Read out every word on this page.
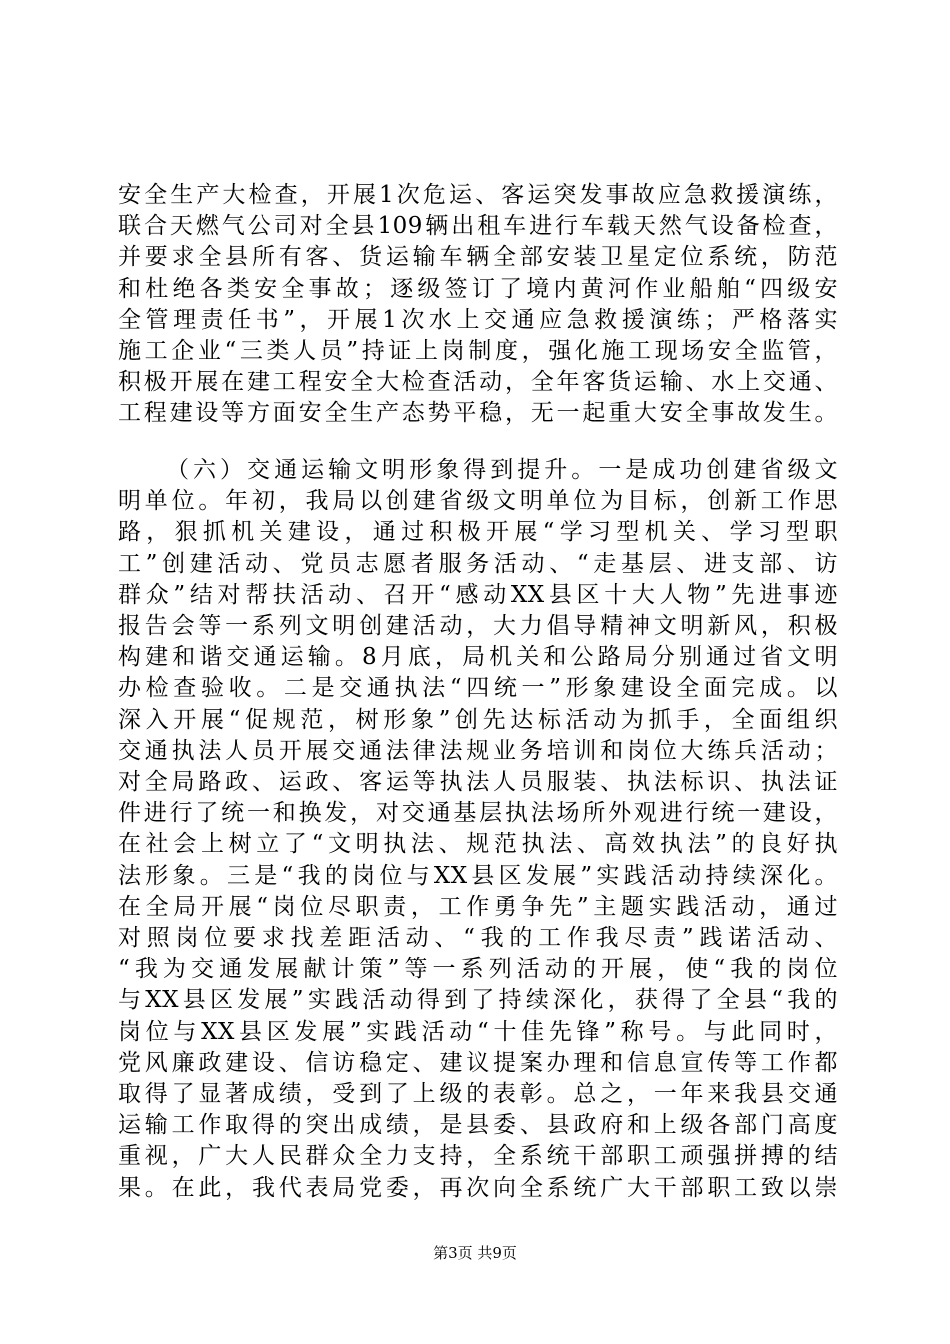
安全生产大检查，开展1次危运、客运突发事故应急救援演练，
联合天燃气公司对全县109辆出租车进行车载天然气设备检查，
并要求全县所有客、货运输车辆全部安装卫星定位系统，防范
和杜绝各类安全事故；逐级签订了境内黄河作业船舶“四级安
全管理责任书”，开展1次水上交通应急救援演练；严格落实
施工企业“三类人员”持证上岗制度，强化施工现场安全监管，
积极开展在建工程安全大检查活动，全年客货运输、水上交通、
工程建设等方面安全生产态势平稳，无一起重大安全事故发生。
（六）交通运输文明形象得到提升。一是成功创建省级文
明单位。年初，我局以创建省级文明单位为目标，创新工作思
路，狠抓机关建设，通过积极开展“学习型机关、学习型职
工”创建活动、党员志愿者服务活动、“走基层、进支部、访
群众”结对帮扶活动、召开“感动XX县区十大人物”先进事迹
报告会等一系列文明创建活动，大力倡导精神文明新风，积极
构建和谐交通运输。8月底，局机关和公路局分别通过省文明
办检查验收。二是交通执法“四统一”形象建设全面完成。以
深入开展“促规范，树形象”创先达标活动为抓手，全面组织
交通执法人员开展交通法律法规业务培训和岗位大练兵活动；
对全局路政、运政、客运等执法人员服装、执法标识、执法证
件进行了统一和换发，对交通基层执法场所外观进行统一建设，
在社会上树立了“文明执法、规范执法、高效执法”的良好执
法形象。三是“我的岗位与XX县区发展”实践活动持续深化。
在全局开展“岗位尽职责，工作勇争先”主题实践活动，通过
对照岗位要求找差距活动、“我的工作我尽责”践诺活动、
“我为交通发展献计策”等一系列活动的开展，使“我的岗位
与XX县区发展”实践活动得到了持续深化，获得了全县“我的
岗位与XX县区发展”实践活动“十佳先锋”称号。与此同时，
党风廉政建设、信访稳定、建议提案办理和信息宣传等工作都
取得了显著成绩，受到了上级的表彰。总之，一年来我县交通
运输工作取得的突出成绩，是县委、县政府和上级各部门高度
重视，广大人民群众全力支持，全系统干部职工顽强拼搏的结
果。在此，我代表局党委，再次向全系统广大干部职工致以崇
第3页 共9页
